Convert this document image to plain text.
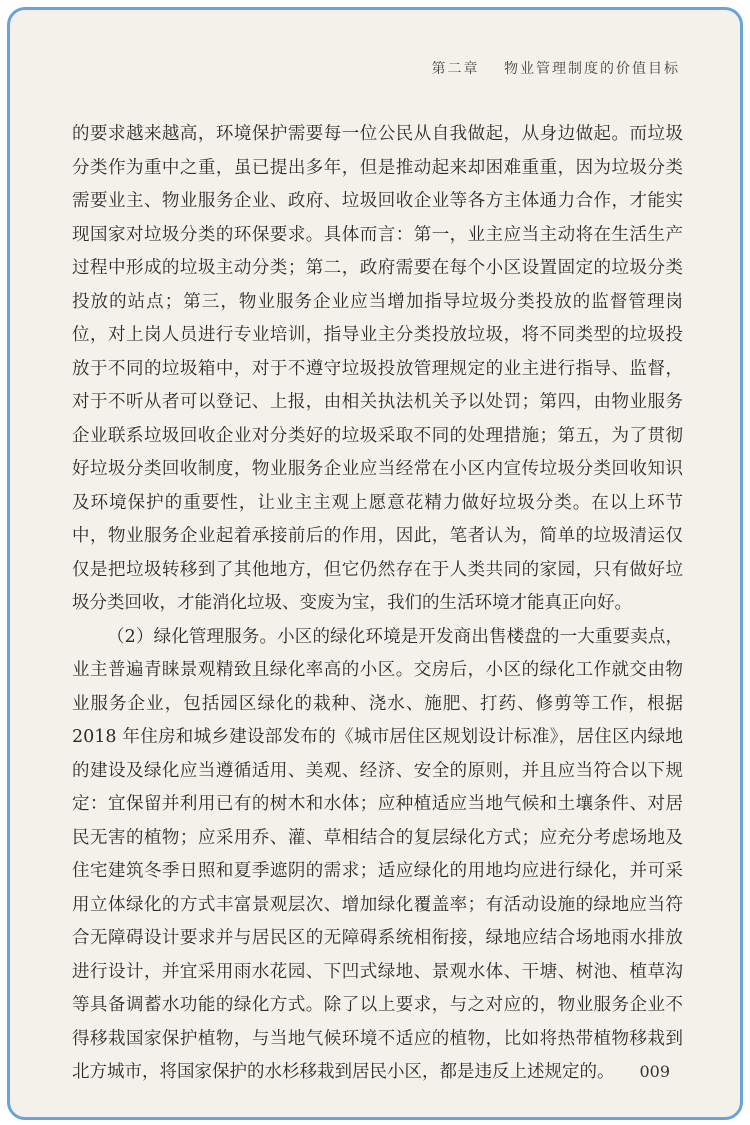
第二章 物业管理制度的价值目标

的要求越来越高，环境保护需要每一位公民从自我做起，从身边做起。而垃圾

分类作为重中之重，虽已提出多年，但是推动起来却困难重重，因为垃圾分类

需要业主、物业服务企业、政府、垃圾回收企业等各方主体通力合作，才能实

现国家对垃圾分类的环保要求。具体而言：第一，业主应当主动将在生活生产

过程中形成的垃圾主动分类；第二，政府需要在每个小区设置固定的垃圾分类

投放的站点；第三，物业服务企业应当增加指导垃圾分类投放的监督管理岗

位，对上岗人员进行专业培训，指导业主分类投放垃圾，将不同类型的垃圾投

放于不同的垃圾箱中，对于不遵守垃圾投放管理规定的业主进行指导、监督，

对于不听从者可以登记、上报，由相关执法机关予以处罚；第四，由物业服务

企业联系垃圾回收企业对分类好的垃圾采取不同的处理措施；第五，为了贯彻

好垃圾分类回收制度，物业服务企业应当经常在小区内宣传垃圾分类回收知识

及环境保护的重要性，让业主主观上愿意花精力做好垃圾分类。在以上环节

中，物业服务企业起着承接前后的作用，因此，笔者认为，简单的垃圾清运仅

仅是把垃圾转移到了其他地方，但它仍然存在于人类共同的家园，只有做好垃

圾分类回收，才能消化垃圾、变废为宝，我们的生活环境才能真正向好。

（2）绿化管理服务。小区的绿化环境是开发商出售楼盘的一大重要卖点，

业主普遍青睐景观精致且绿化率高的小区。交房后，小区的绿化工作就交由物

业服务企业，包括园区绿化的栽种、浇水、施肥、打药、修剪等工作，根据

2018 年住房和城乡建设部发布的《城市居住区规划设计标准》，居住区内绿地

的建设及绿化应当遵循适用、美观、经济、安全的原则，并且应当符合以下规

定：宜保留并利用已有的树木和水体；应种植适应当地气候和土壤条件、对居

民无害的植物；应采用乔、灌、草相结合的复层绿化方式；应充分考虑场地及

住宅建筑冬季日照和夏季遮阴的需求；适应绿化的用地均应进行绿化，并可采

用立体绿化的方式丰富景观层次、增加绿化覆盖率；有活动设施的绿地应当符

合无障碍设计要求并与居民区的无障碍系统相衔接，绿地应结合场地雨水排放

进行设计，并宜采用雨水花园、下凹式绿地、景观水体、干塘、树池、植草沟

等具备调蓄水功能的绿化方式。除了以上要求，与之对应的，物业服务企业不

得移栽国家保护植物，与当地气候环境不适应的植物，比如将热带植物移栽到

北方城市，将国家保护的水杉移栽到居民小区，都是违反上述规定的。	009
